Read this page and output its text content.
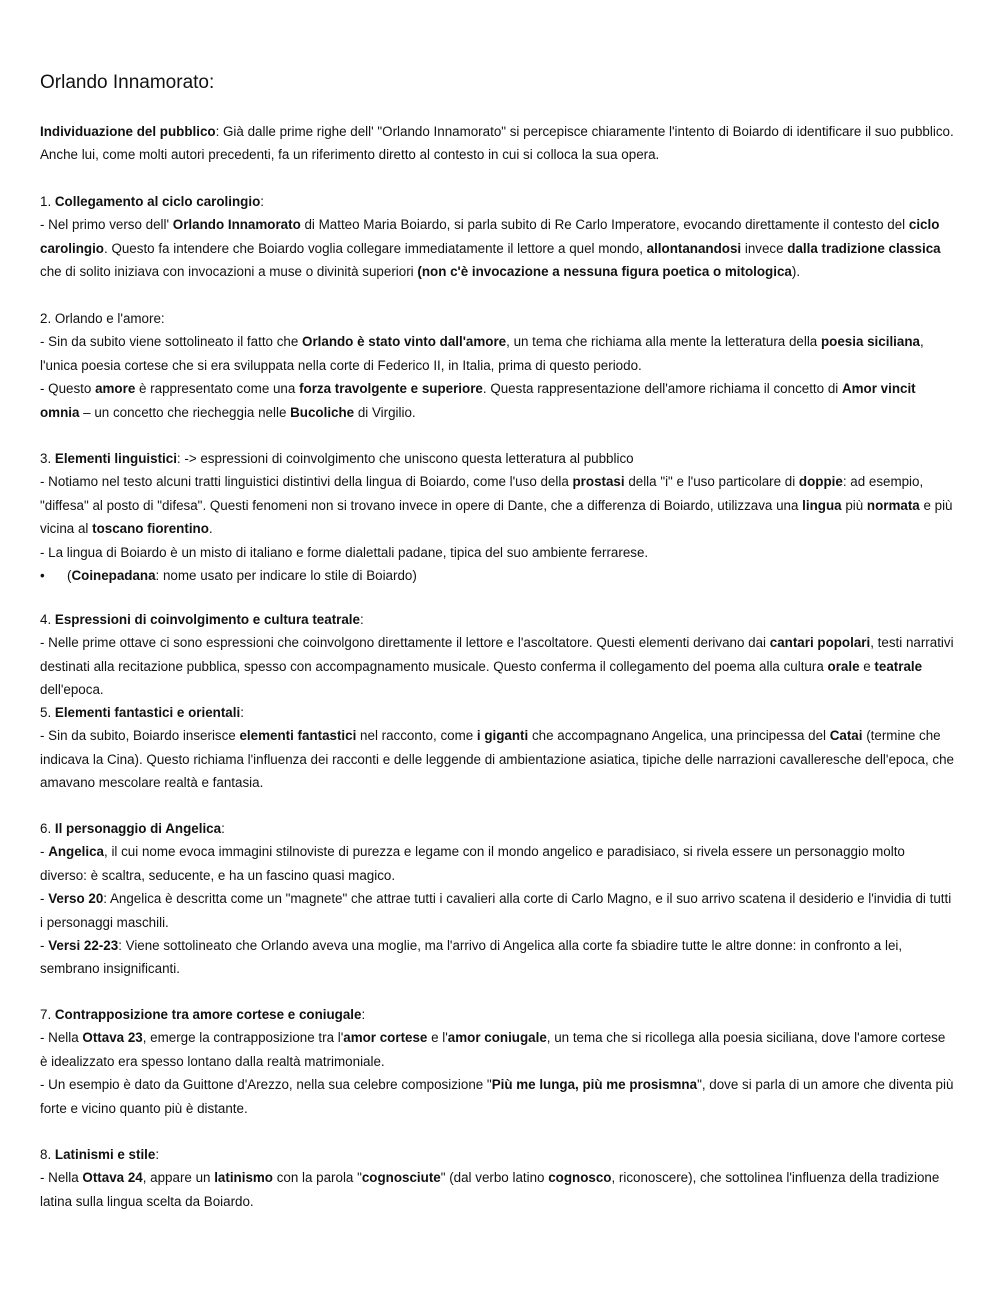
Orlando Innamorato:

Individuazione del pubblico: Già dalle prime righe dell' "Orlando Innamorato" si percepisce chiaramente l'intento di Boiardo di identificare il suo pubblico. Anche lui, come molti autori precedenti, fa un riferimento diretto al contesto in cui si colloca la sua opera.

1. Collegamento al ciclo carolingio:

- Nel primo verso dell' Orlando Innamorato di Matteo Maria Boiardo, si parla subito di Re Carlo Imperatore, evocando direttamente il contesto del ciclo carolingio. Questo fa intendere che Boiardo voglia collegare immediatamente il lettore a quel mondo, allontanandosi invece dalla tradizione classica che di solito iniziava con invocazioni a muse o divinità superiori (non c'è invocazione a nessuna figura poetica o mitologica).

2. Orlando e l'amore:

- Sin da subito viene sottolineato il fatto che Orlando è stato vinto dall'amore, un tema che richiama alla mente la letteratura della poesia siciliana, l'unica poesia cortese che si era sviluppata nella corte di Federico II, in Italia, prima di questo periodo.

- Questo amore è rappresentato come una forza travolgente e superiore. Questa rappresentazione dell'amore richiama il concetto di Amor vincit omnia – un concetto che riecheggia nelle Bucoliche di Virgilio.

3. Elementi linguistici: -> espressioni di coinvolgimento che uniscono questa letteratura al pubblico

- Notiamo nel testo alcuni tratti linguistici distintivi della lingua di Boiardo, come l'uso della prostasi della "i" e l'uso particolare di doppie: ad esempio, "diffesa" al posto di "difesa". Questi fenomeni non si trovano invece in opere di Dante, che a differenza di Boiardo, utilizzava una lingua più normata e più vicina al toscano fiorentino.

- La lingua di Boiardo è un misto di italiano e forme dialettali padane, tipica del suo ambiente ferrarese.

•	(Coinepadana: nome usato per indicare lo stile di Boiardo)

4. Espressioni di coinvolgimento e cultura teatrale:

- Nelle prime ottave ci sono espressioni che coinvolgono direttamente il lettore e l'ascoltatore. Questi elementi derivano dai cantari popolari, testi narrativi destinati alla recitazione pubblica, spesso con accompagnamento musicale. Questo conferma il collegamento del poema alla cultura orale e teatrale dell'epoca.

5. Elementi fantastici e orientali:

- Sin da subito, Boiardo inserisce elementi fantastici nel racconto, come i giganti che accompagnano Angelica, una principessa del Catai (termine che indicava la Cina). Questo richiama l'influenza dei racconti e delle leggende di ambientazione asiatica, tipiche delle narrazioni cavalleresche dell'epoca, che amavano mescolare realtà e fantasia.

6. Il personaggio di Angelica:

- Angelica, il cui nome evoca immagini stilnoviste di purezza e legame con il mondo angelico e paradisiaco, si rivela essere un personaggio molto diverso: è scaltra, seducente, e ha un fascino quasi magico.

- Verso 20: Angelica è descritta come un "magnete" che attrae tutti i cavalieri alla corte di Carlo Magno, e il suo arrivo scatena il desiderio e l'invidia di tutti i personaggi maschili.

- Versi 22-23: Viene sottolineato che Orlando aveva una moglie, ma l'arrivo di Angelica alla corte fa sbiadire tutte le altre donne: in confronto a lei, sembrano insignificanti.

7. Contrapposizione tra amore cortese e coniugale:

- Nella Ottava 23, emerge la contrapposizione tra l'amor cortese e l'amor coniugale, un tema che si ricollega alla poesia siciliana, dove l'amore cortese è idealizzato era spesso lontano dalla realtà matrimoniale.

- Un esempio è dato da Guittone d'Arezzo, nella sua celebre composizione "Più me lunga, più me prosismna", dove si parla di un amore che diventa più forte e vicino quanto più è distante.

8. Latinismi e stile:

- Nella Ottava 24, appare un latinismo con la parola "cognosciute" (dal verbo latino cognosco, riconoscere), che sottolinea l'influenza della tradizione latina sulla lingua scelta da Boiardo.
